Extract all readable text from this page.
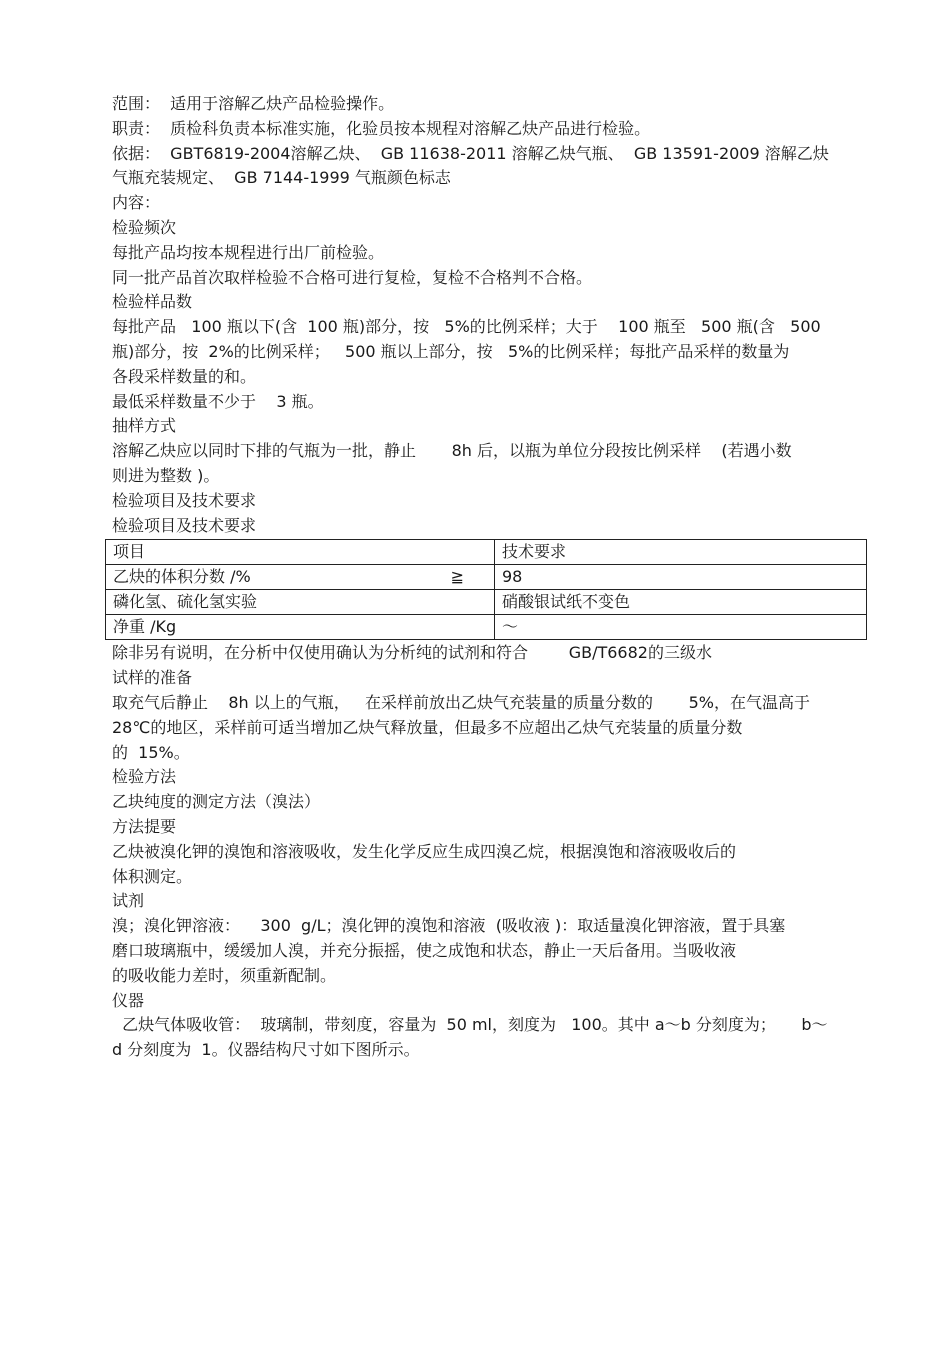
范围：  适用于溶解乙炔产品检验操作。
职责：  质检科负责本标准实施，化验员按本规程对溶解乙炔产品进行检验。
依据：  GBT6819-2004溶解乙炔、  GB 11638-2011 溶解乙炔气瓶、  GB 13591-2009 溶解乙炔
气瓶充装规定、  GB 7144-1999 气瓶颜色标志
内容：
检验频次
每批产品均按本规程进行出厂前检验。
同一批产品首次取样检验不合格可进行复检，复检不合格判不合格。
检验样品数
每批产品   100 瓶以下(含  100 瓶)部分，按   5%的比例采样；大于    100 瓶至   500 瓶(含   500
瓶)部分，按  2%的比例采样；   500 瓶以上部分，按   5%的比例采样；每批产品采样的数量为
各段采样数量的和。
最低采样数量不少于    3 瓶。
抽样方式
溶解乙炔应以同时下排的气瓶为一批，静止       8h 后，以瓶为单位分段按比例采样    (若遇小数
则进为整数 )。
检验项目及技术要求
检验项目及技术要求
项目	技术要求
乙炔的体积分数 /% ≧	98
磷化氢、硫化氢实验	硝酸银试纸不变色
净重 /Kg	～
除非另有说明，在分析中仅使用确认为分析纯的试剂和符合        GB/T6682的三级水
试样的准备
取充气后静止    8h 以上的气瓶，   在采样前放出乙炔气充装量的质量分数的       5%，在气温高于
28℃的地区，采样前可适当增加乙炔气释放量，但最多不应超出乙炔气充装量的质量分数
的  15%。
检验方法
乙块纯度的测定方法（溴法）
方法提要
乙炔被溴化钾的溴饱和溶液吸收，发生化学反应生成四溴乙烷，根据溴饱和溶液吸收后的
体积测定。
试剂
溴；溴化钾溶液：    300  g/L；溴化钾的溴饱和溶液  (吸收液 )：取适量溴化钾溶液，置于具塞
磨口玻璃瓶中，缓缓加人溴，并充分振摇，使之成饱和状态，静止一天后备用。当吸收液
的吸收能力差时，须重新配制。
仪器
乙炔气体吸收管：  玻璃制，带刻度，容量为  50 ml，刻度为   100。其中 a～b 分刻度为；     b～
d 分刻度为  1。仪器结构尺寸如下图所示。
